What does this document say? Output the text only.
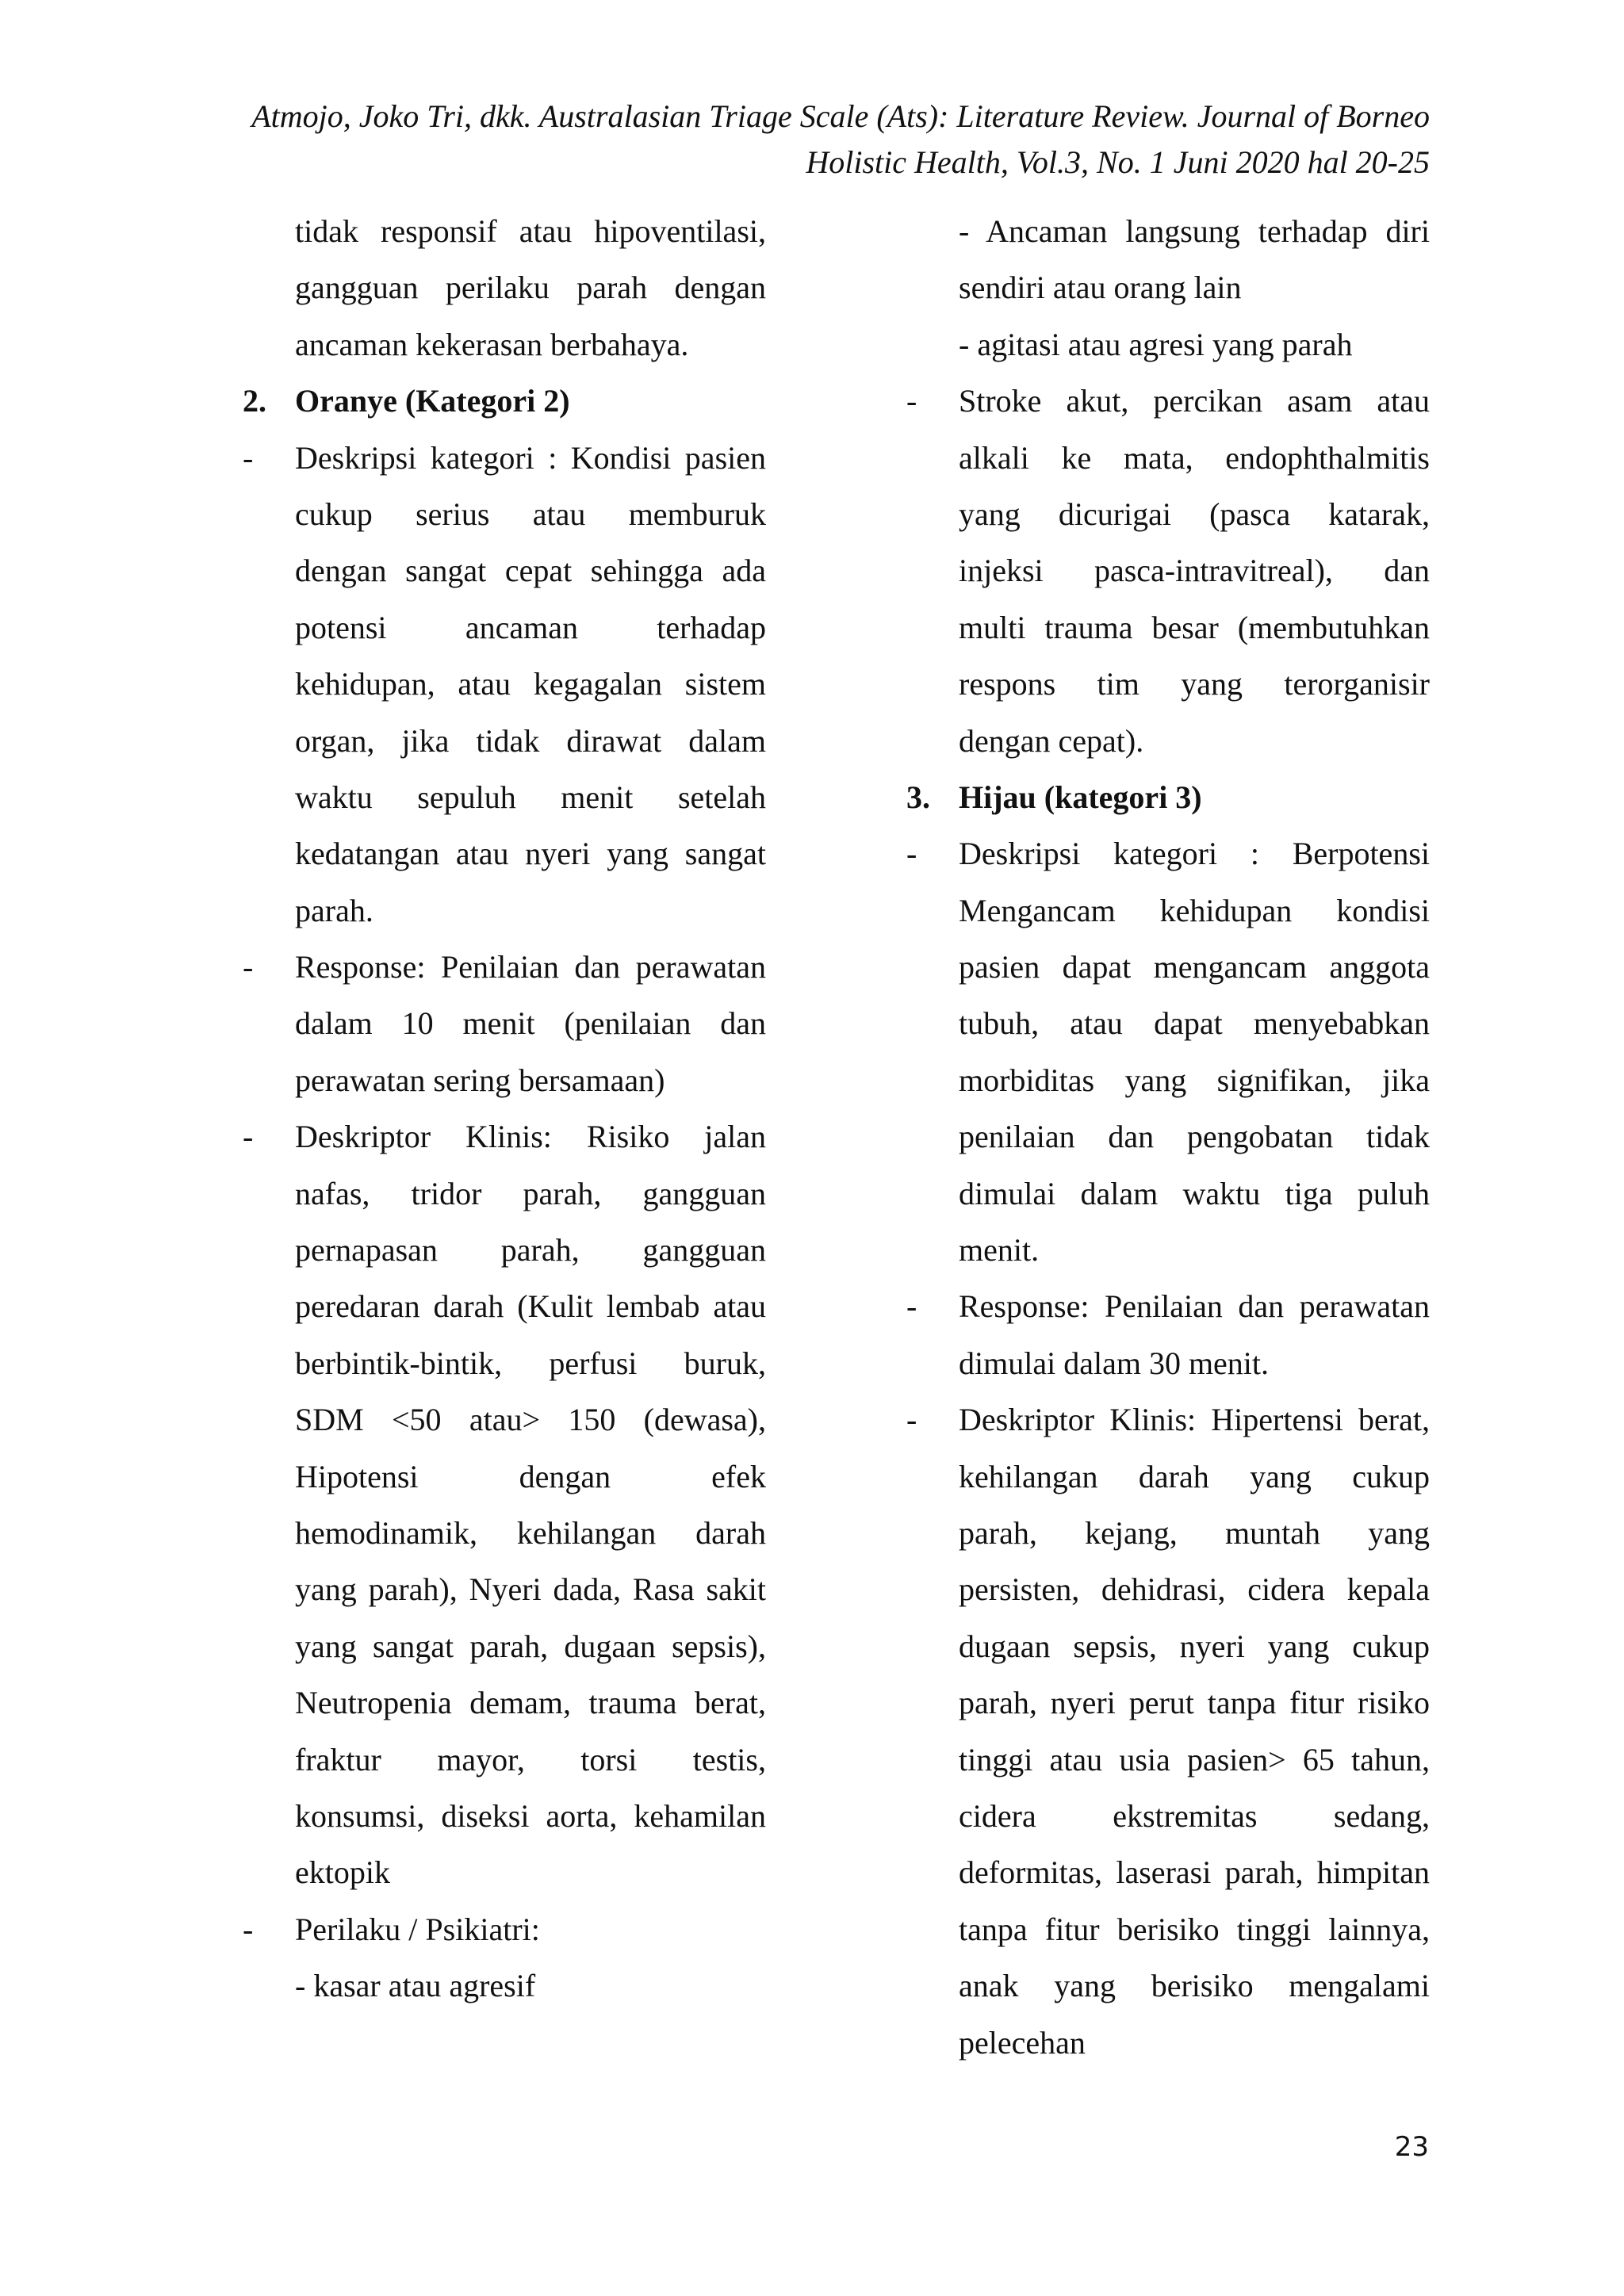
Atmojo, Joko Tri, dkk. Australasian Triage Scale (Ats): Literature Review. Journal of Borneo
Holistic Health, Vol.3, No. 1 Juni 2020 hal 20-25
tidak responsif atau hipoventilasi,
gangguan perilaku parah dengan
ancaman kekerasan berbahaya.
2. Oranye (Kategori 2)
- Deskripsi kategori : Kondisi pasien
cukup serius atau memburuk
dengan sangat cepat sehingga ada
potensi ancaman terhadap
kehidupan, atau kegagalan sistem
organ, jika tidak dirawat dalam
waktu sepuluh menit setelah
kedatangan atau nyeri yang sangat
parah.
- Response: Penilaian dan perawatan
dalam 10 menit (penilaian dan
perawatan sering bersamaan)
- Deskriptor Klinis: Risiko jalan
nafas, tridor parah, gangguan
pernapasan parah, gangguan
peredaran darah (Kulit lembab atau
berbintik-bintik, perfusi buruk,
SDM <50 atau> 150 (dewasa),
Hipotensi dengan efek
hemodinamik, kehilangan darah
yang parah), Nyeri dada, Rasa sakit
yang sangat parah, dugaan sepsis),
Neutropenia demam, trauma berat,
fraktur mayor, torsi testis,
konsumsi, diseksi aorta, kehamilan
ektopik
- Perilaku / Psikiatri:
- kasar atau agresif
- Ancaman langsung terhadap diri
sendiri atau orang lain
- agitasi atau agresi yang parah
- Stroke akut, percikan asam atau
alkali ke mata, endophthalmitis
yang dicurigai (pasca katarak,
injeksi pasca-intravitreal), dan
multi trauma besar (membutuhkan
respons tim yang terorganisir
dengan cepat).
3. Hijau (kategori 3)
- Deskripsi kategori : Berpotensi
Mengancam kehidupan kondisi
pasien dapat mengancam anggota
tubuh, atau dapat menyebabkan
morbiditas yang signifikan, jika
penilaian dan pengobatan tidak
dimulai dalam waktu tiga puluh
menit.
- Response: Penilaian dan perawatan
dimulai dalam 30 menit.
- Deskriptor Klinis: Hipertensi berat,
kehilangan darah yang cukup
parah, kejang, muntah yang
persisten, dehidrasi, cidera kepala
dugaan sepsis, nyeri yang cukup
parah, nyeri perut tanpa fitur risiko
tinggi atau usia pasien> 65 tahun,
cidera ekstremitas sedang,
deformitas, laserasi parah, himpitan
tanpa fitur berisiko tinggi lainnya,
anak yang berisiko mengalami
pelecehan
23
